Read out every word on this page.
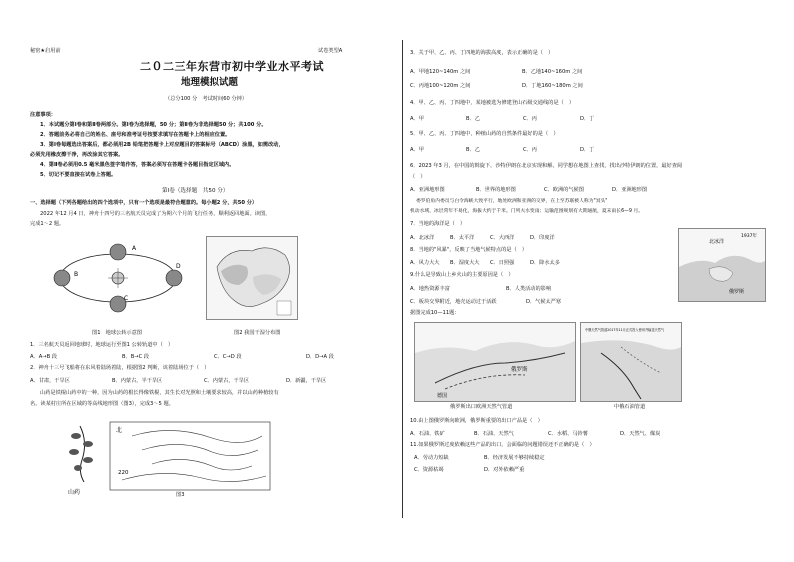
秘密★启用前	试卷类型A
二０二三年东营市初中学业水平考试
地理模拟试题
（总分100 分　考试时间60 分钟）
注意事项：
1．本试题分第Ⅰ卷和第Ⅱ卷两部分。第Ⅰ卷为选择题，50 分；第Ⅱ卷为非选择题50 分；共100 分。
2．答题前务必将自己的姓名、座号和准考证号按要求填写在答题卡上的相应位置。
3．第Ⅰ卷每题选出答案后，都必须用2B 铅笔把答题卡上对应题目的答案标号（ABCD）涂黑，如需改动，
必须先用橡皮擦干净，再改涂其它答案。
4．第Ⅱ卷必须用0.5 毫米黑色签字笔作答，答案必须写在答题卡各题目指定区域内。
5．切记不要直接在试卷上答题。
第Ⅰ卷（选择题　共50 分）
一、选择题（下列各题给出的四个选项中，只有一个选项是最符合题意的。每小题2 分，共50 分）
2022 年12 月4 日，神舟十四号的三名航天员完成了为期六个月的飞行任务，顺利返回地面。读图，
完成1～2 题。
A
B
C
D
图1　地球公转示意图	图2 我国干湿分布图
1．三名航天员返回地球时，地球运行至图1 公转轨道中（　）
A．A→B 段	B．B→C 段	C．C→D 段	D．D→A 段
2．神舟十三号飞船将在东风着陆场着陆，根据图2 判断，该着陆场位于（　）
A．甘肃，干旱区	B．内蒙古，半干旱区	C．内蒙古，干旱区	D．新疆，干旱区
山药是铁棍山药中的一种，因为山药的根长得像铁棍，其生长对光照和土壤要求较高，并以山药种植较有
名。读某村庄所在区域的等高线地形图（图3），完成3～5 题。
山药
北
220
图3
3．关于甲、乙、丙、丁四地的海拔高度，表示正确的是（　）
A．甲地120~140m 之间	B．乙地140~160m 之间
C．丙地100~120m 之间	D．丁地160~180m 之间
4．甲、乙、丙、丁四地中，某地被选为修建登山石级交通线的是（　）
A．甲	B．乙	C．丙	D．丁
5．甲、乙、丙、丁四地中，种植山药的自然条件最好的是（　）
A．甲	B．乙	C．丙	D．丁
6．2023 年3 月，在中国的斡旋下，沙特伊朗在北京实现和解，同学想在地图上查找，找出沙特伊朗的位置，最好查阅
（　）
A．亚洲地形图	B．世界的地形图	C．欧洲的气候图	D．亚洲地形图
委罗伯角内委员与白令海峡大致平行，地处欧洲和亚洲的交界，在上至苏联被人称为"冥头"
机动水域，冰层常年不易化，海拔大约于千米。门列夫水变雨；运输范围规划有大期通航，夏末雨长6—9 月。
7．当地的海洋是（　）
A．北冰洋	B．太平洋	C．大西洋	D．印度洋
8．当地的"风暴"，反映了当地气候特点的是（　）
A．风力大大 B．湿度大大 C．日照强	D．降水太多
9.什么是导致山上乡火山的主要原因是（　）
A．地热资源丰富	B．人类活动的影响
C．板块交界附近，地壳运动过于活跃	D．气候太严寒
据图完成10—11题：
北冰洋
俄罗斯
1937年
俄罗斯
德国
俄罗斯出口欧洲天然气管道
中俄天然气管道2017年11月正式投入使用并输送天然气
中俄石油管道
10.由上图俄罗斯向欧洲，俄罗斯重要的出口产品是（　）
A．石油、铁矿	B．石油、天然气	C．水稻、马铃薯	D．天然气、煤炭
11.如果俄罗斯过度依赖这些产品的出口，会面临的问题错误还不正确的是（　）
A．劳动力短缺	B．经济发展不够持续稳定
C．资源枯竭	D．对外依赖严重
